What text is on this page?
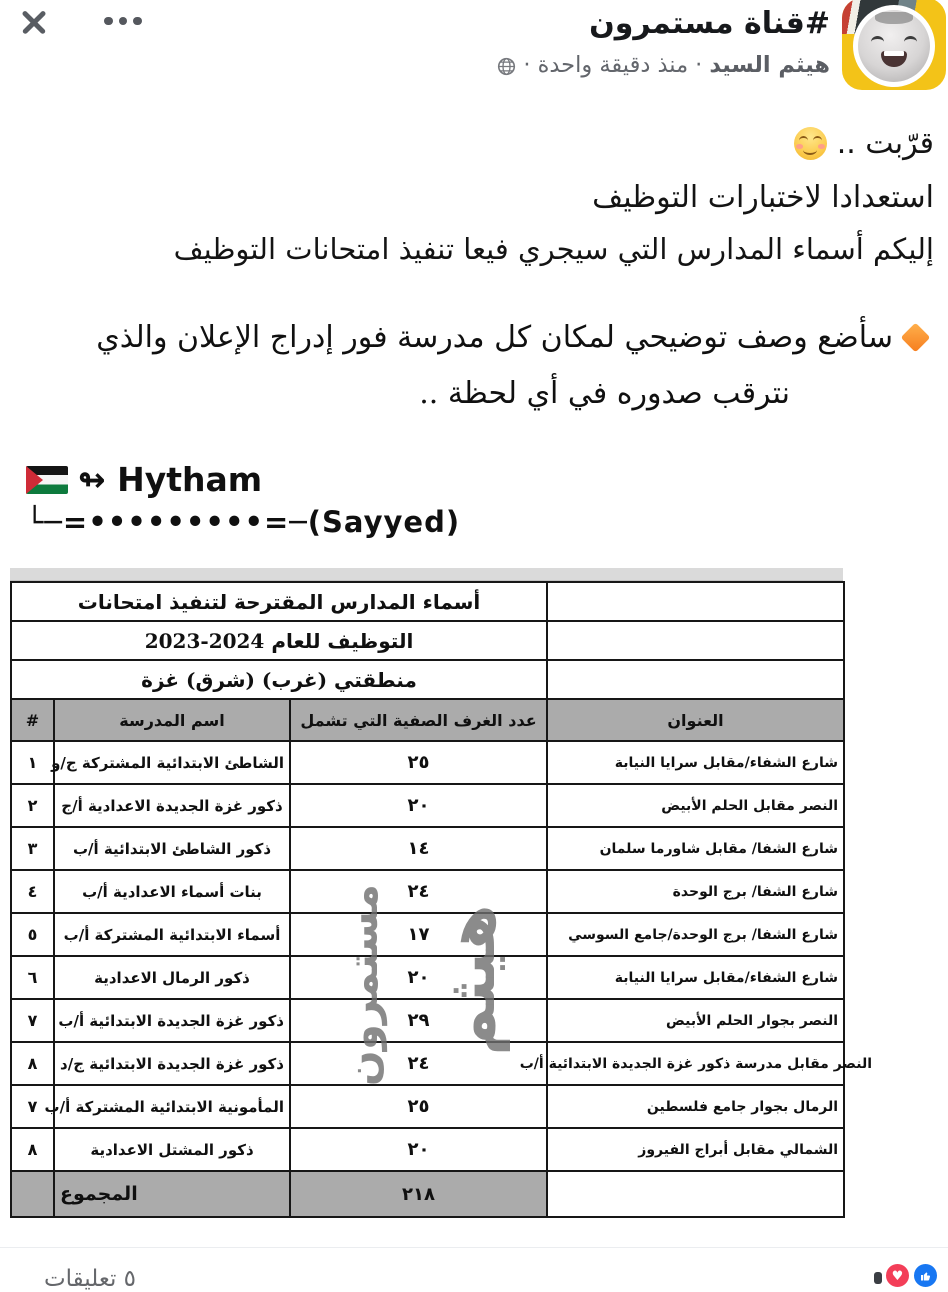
#قناة مستمرون
هيثم السيد
·
منذ دقيقة واحدة
·
قرّبت ..
استعدادا لاختبارات التوظيف
إليكم أسماء المدارس التي سيجري فيعا تنفيذ امتحانات التوظيف
سأضع وصف توضيحي لمكان كل مدرسة فور إدراج الإعلان والذي
نترقب صدوره في أي لحظة ..
↬ Hytham
└─=•••••••••=─(Sayyed)
أسماء المدارس المقترحة لتنفيذ امتحانات			
التوظيف للعام 2024-2023			
منطقتي (غرب) (شرق) غزة			
#	اسم المدرسة	عدد الغرف الصفية التي تشمل	العنوان
١	الشاطئ الابتدائية المشتركة ج/و	٢٥	شارع الشفاء/مقابل سرايا النيابة
٢	ذكور غزة الجديدة الاعدادية أ/ج	٢٠	النصر مقابل الحلم الأبيض
٣	ذكور الشاطئ الابتدائية أ/ب	١٤	شارع الشفا/ مقابل شاورما سلمان
٤	بنات أسماء الاعدادية أ/ب	٢٤	شارع الشفا/ برج الوحدة
٥	أسماء الابتدائية المشتركة أ/ب	١٧	شارع الشفا/ برج الوحدة/جامع السوسي
٦	ذكور الرمال الاعدادية	٢٠	شارع الشفاء/مقابل سرايا النيابة
٧	ذكور غزة الجديدة الابتدائية أ/ب	٢٩	النصر بجوار الحلم الأبيض
٨	ذكور غزة الجديدة الابتدائية ج/د	٢٤	النصر مقابل مدرسة ذكور غزة الجديدة الابتدائية أ/ب
٧	المأمونية الابتدائية المشتركة أ/ب	٢٥	الرمال بجوار جامع فلسطين
٨	ذكور المشتل الاعدادية	٢٠	الشمالي مقابل أبراج الفيروز
	المجموع	٢١٨	
هيثم
مستمرون
٥ تعليقات	♥
